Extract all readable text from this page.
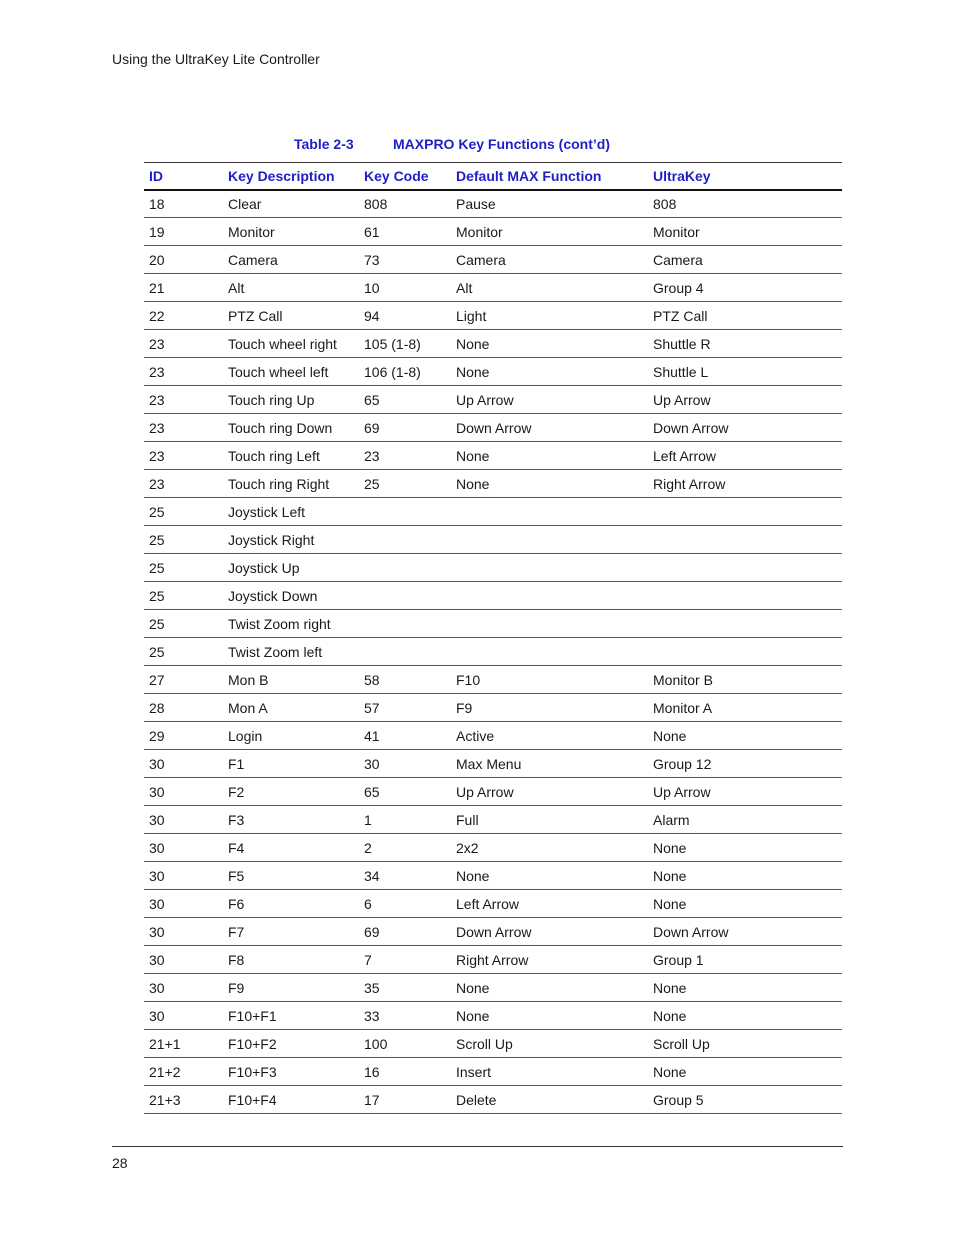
Using the UltraKey Lite Controller
Table 2-3	MAXPRO Key Functions (cont’d)
ID	Key Description	Key Code	Default MAX Function	UltraKey
18	Clear	808	Pause	808
19	Monitor	61	Monitor	Monitor
20	Camera	73	Camera	Camera
21	Alt	10	Alt	Group 4
22	PTZ Call	94	Light	PTZ Call
23	Touch wheel right	105 (1-8)	None	Shuttle R
23	Touch wheel left	106 (1-8)	None	Shuttle L
23	Touch ring Up	65	Up Arrow	Up Arrow
23	Touch ring Down	69	Down Arrow	Down Arrow
23	Touch ring Left	23	None	Left Arrow
23	Touch ring Right	25	None	Right Arrow
25	Joystick Left			
25	Joystick Right			
25	Joystick Up			
25	Joystick Down			
25	Twist Zoom right			
25	Twist Zoom left			
27	Mon B	58	F10	Monitor B
28	Mon A	57	F9	Monitor A
29	Login	41	Active	None
30	F1	30	Max Menu	Group 12
30	F2	65	Up Arrow	Up Arrow
30	F3	1	Full	Alarm
30	F4	2	2x2	None
30	F5	34	None	None
30	F6	6	Left Arrow	None
30	F7	69	Down Arrow	Down Arrow
30	F8	7	Right Arrow	Group 1
30	F9	35	None	None
30	F10+F1	33	None	None
21+1	F10+F2	100	Scroll Up	Scroll Up
21+2	F10+F3	16	Insert	None
21+3	F10+F4	17	Delete	Group 5
28
